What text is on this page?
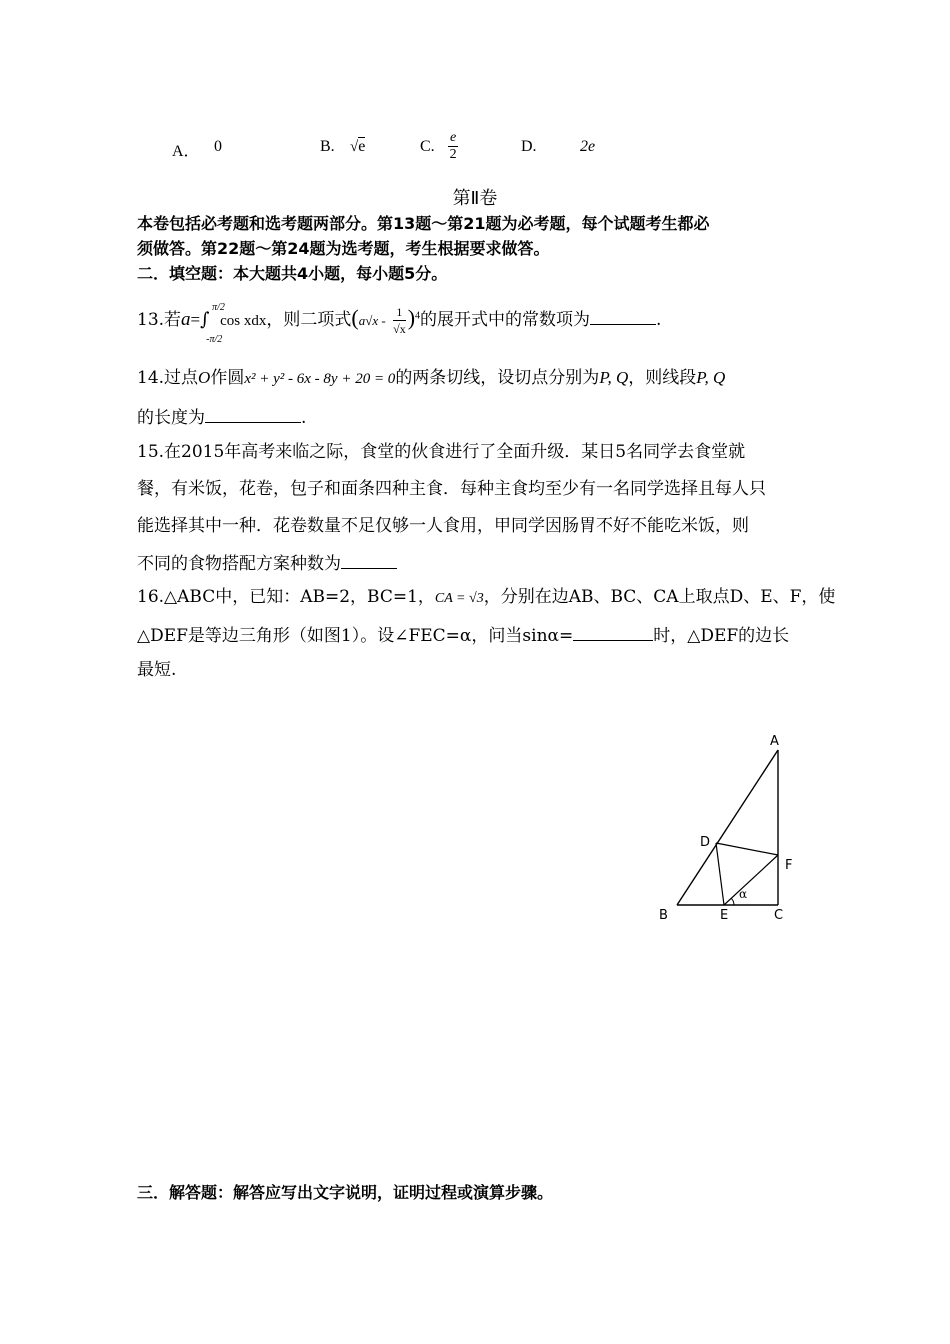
A． 0	B. √e	C. $\frac{e}{2}$	D.	2e
第Ⅱ卷
本卷包括必考题和选考题两部分。第13题～第21题为必考题，每个试题考生都必
须做答。第22题～第24题为选考题，考生根据要求做答。
二．填空题：本大题共4小题，每小题5分。
13.若a=∫
π/2
-π/2
cos xdx，则二项式$(a√x - \frac{1}{√x} )^4$的展开式中的常数项为	.
14.过点O作圆x² + y² - 6x - 8y + 20 = 0的两条切线，设切点分别为P, Q，则线段P, Q
的长度为	.
15.在2015年高考来临之际，食堂的伙食进行了全面升级．某日5名同学去食堂就
餐，有米饭，花卷，包子和面条四种主食．每种主食均至少有一名同学选择且每人只
能选择其中一种．花卷数量不足仅够一人食用，甲同学因肠胃不好不能吃米饭，则
不同的食物搭配方案种数为
16.△ABC中，已知：AB=2，BC=1，CA = √3，分别在边AB、BC、CA上取点D、E、F，使
△DEF是等边三角形（如图1）。设∠FEC=α，问当sinα=	时，△DEF的边长
最短.
A
B	C
D
E
F
α
三．解答题：解答应写出文字说明，证明过程或演算步骤。
